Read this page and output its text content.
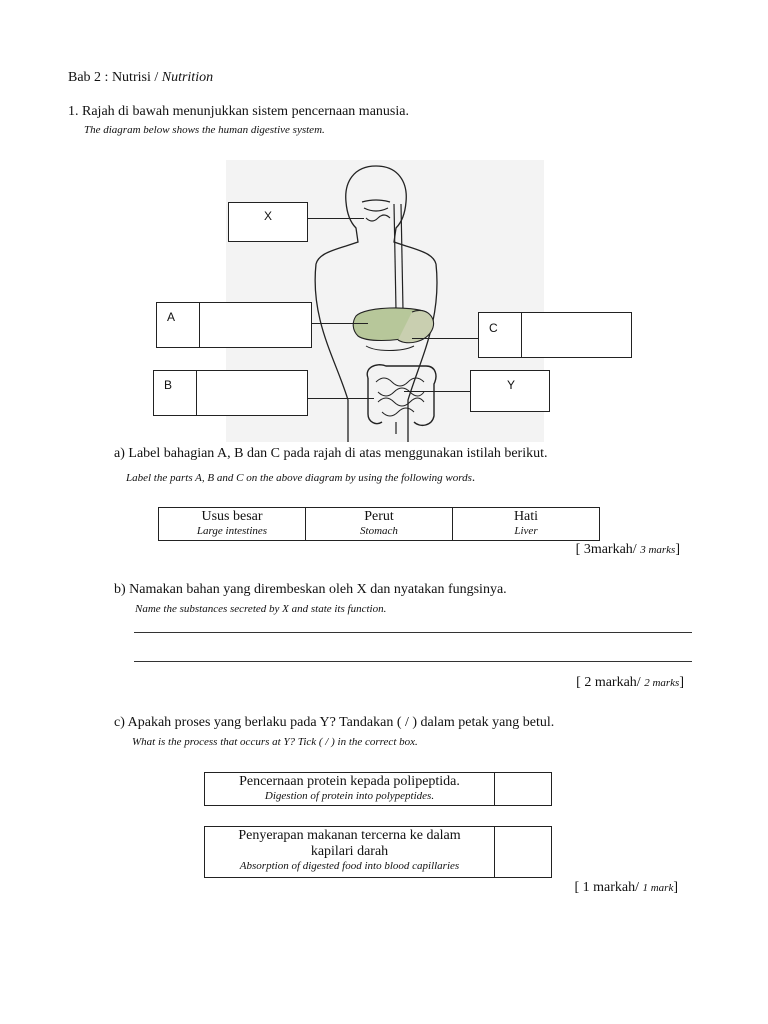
Bab 2 : Nutrisi / Nutrition
1. Rajah di bawah menunjukkan sistem pencernaan manusia.
The diagram below shows the human digestive system.
X
A
C
B	Y
a) Label bahagian A, B dan C pada rajah di atas menggunakan istilah berikut.
Label the parts A, B and C on the above diagram by using the following words.
Usus besar
Large intestines

Perut
Stomach

Hati
Liver
[ 3markah/ 3 marks]
b) Namakan bahan yang dirembeskan oleh X dan nyatakan fungsinya.
Name the substances secreted by X and state its function.
[ 2 markah/ 2 marks]
c) Apakah proses yang berlaku pada Y? Tandakan ( / ) dalam petak yang betul.
What is the process that occurs at Y? Tick ( / ) in the correct box.
Pencernaan protein kepada polipeptida.
Digestion of protein into polypeptides.
Penyerapan makanan tercerna ke dalam
kapilari darah
Absorption of digested food into blood capillaries
[ 1 markah/ 1 mark]
